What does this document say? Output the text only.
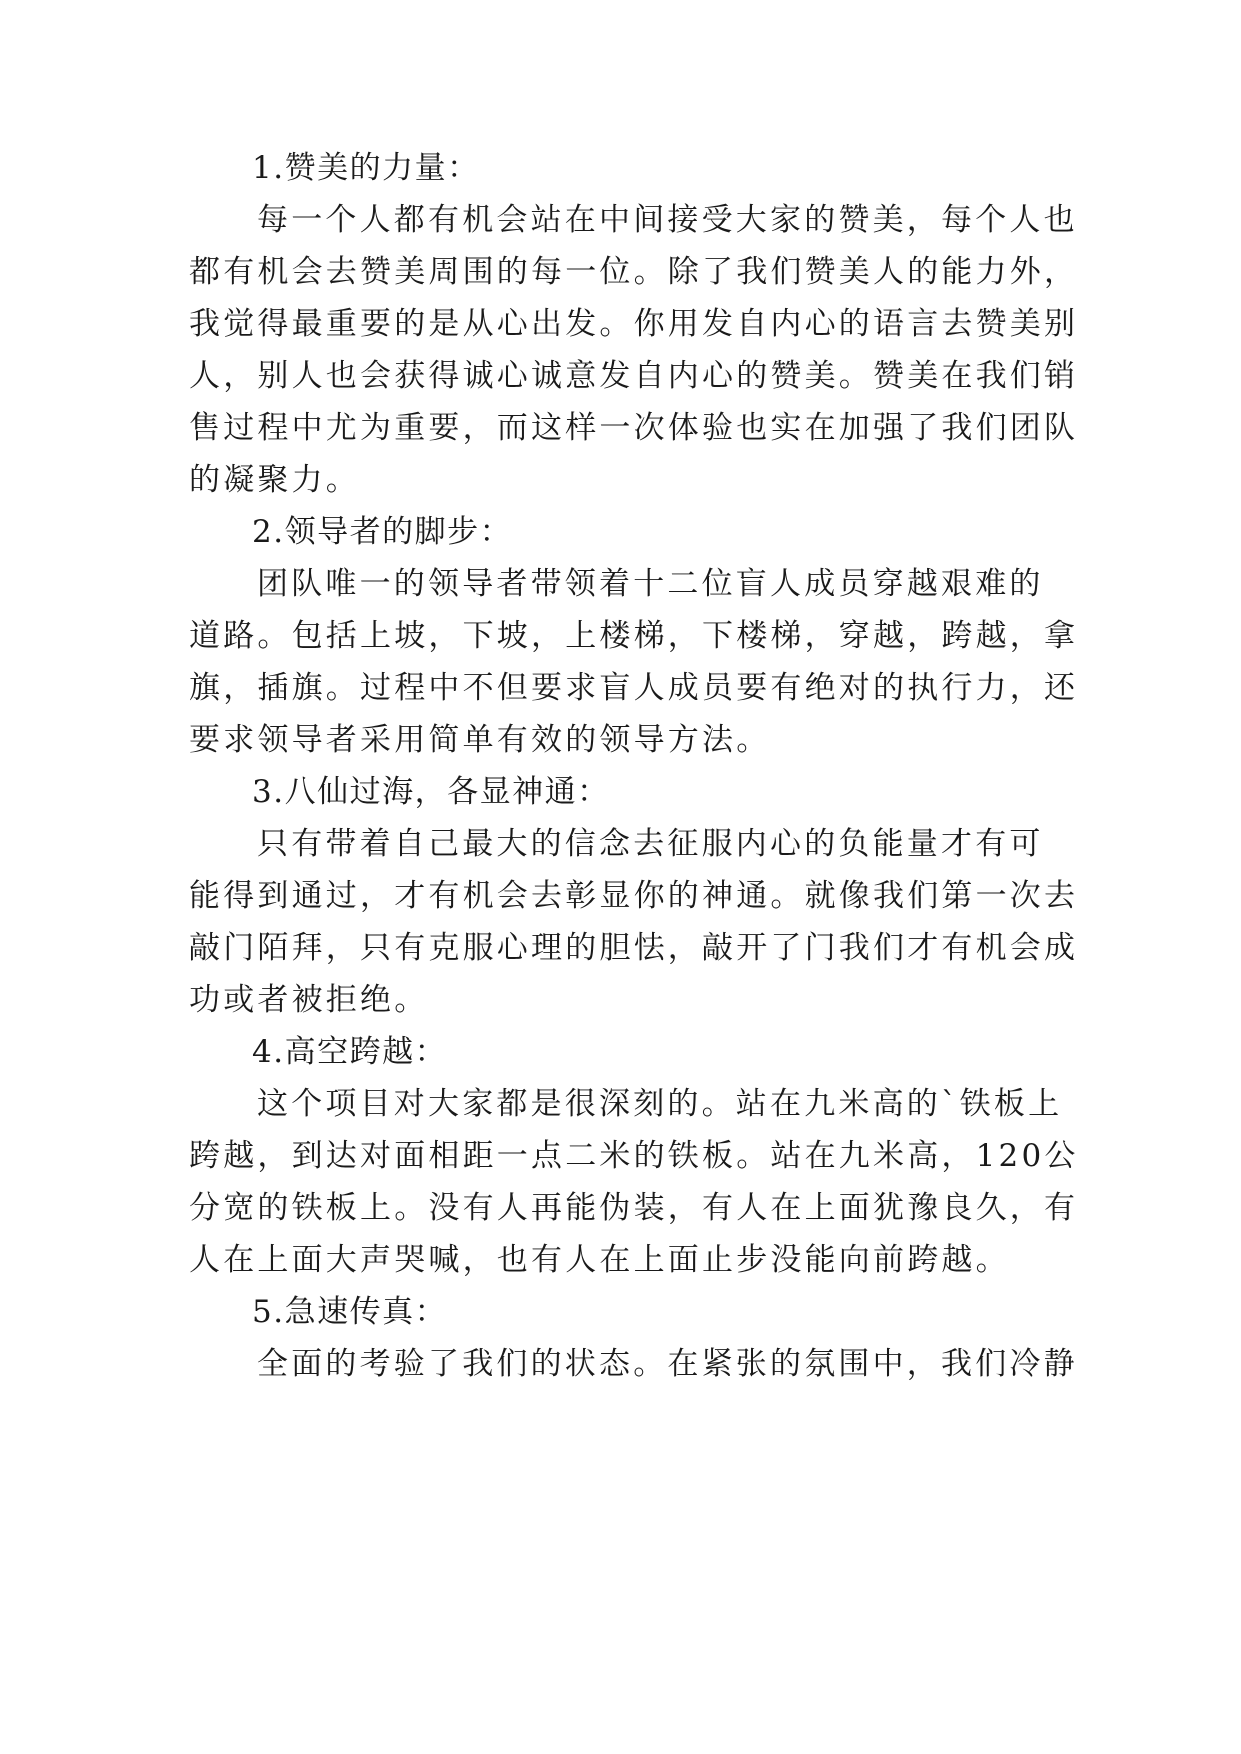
1.赞美的力量：
每一个人都有机会站在中间接受大家的赞美，每个人也
都有机会去赞美周围的每一位。除了我们赞美人的能力外，
我觉得最重要的是从心出发。你用发自内心的语言去赞美别
人，别人也会获得诚心诚意发自内心的赞美。赞美在我们销
售过程中尤为重要，而这样一次体验也实在加强了我们团队
的凝聚力。
2.领导者的脚步：
团队唯一的领导者带领着十二位盲人成员穿越艰难的
道路。包括上坡，下坡，上楼梯，下楼梯，穿越，跨越，拿
旗，插旗。过程中不但要求盲人成员要有绝对的执行力，还
要求领导者采用简单有效的领导方法。
3.八仙过海，各显神通：
只有带着自己最大的信念去征服内心的负能量才有可
能得到通过，才有机会去彰显你的神通。就像我们第一次去
敲门陌拜，只有克服心理的胆怯，敲开了门我们才有机会成
功或者被拒绝。
4.高空跨越：
这个项目对大家都是很深刻的。站在九米高的`铁板上
跨越，到达对面相距一点二米的铁板。站在九米高，120公
分宽的铁板上。没有人再能伪装，有人在上面犹豫良久，有
人在上面大声哭喊，也有人在上面止步没能向前跨越。
5.急速传真：
全面的考验了我们的状态。在紧张的氛围中，我们冷静
